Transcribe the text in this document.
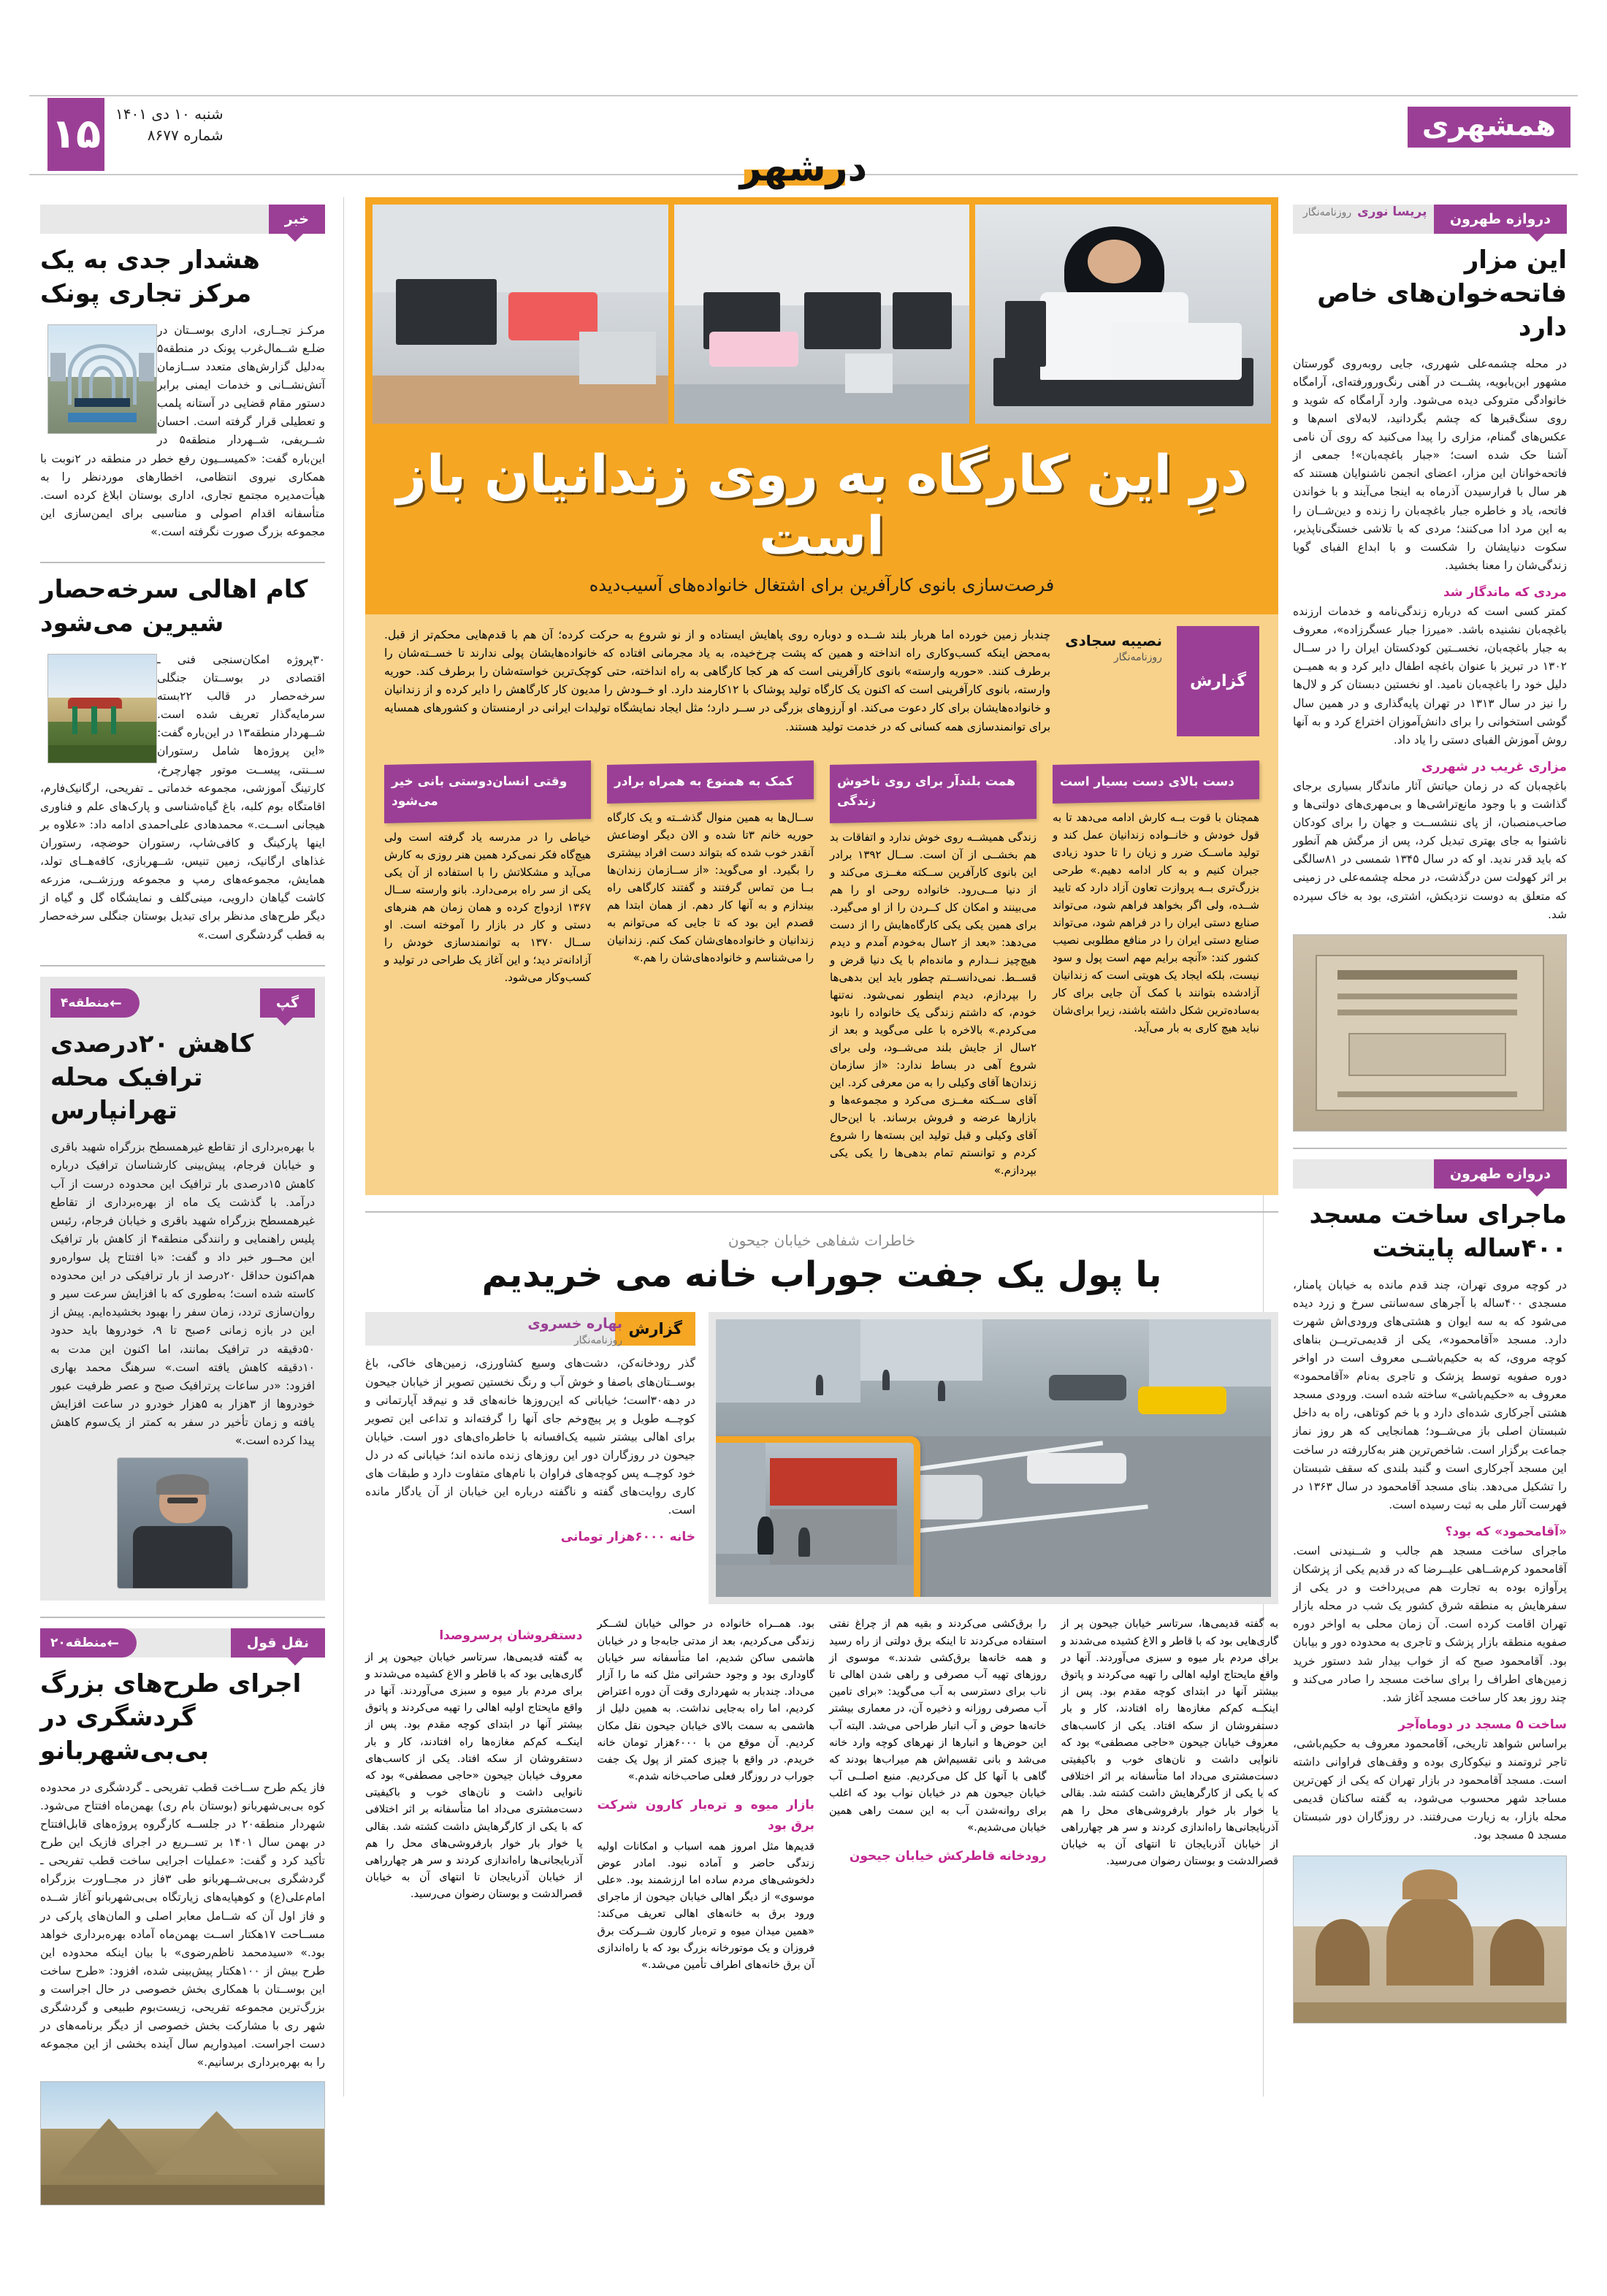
۱۵ شنبه ۱۰ دی ۱۴۰۱
شماره ۸۶۷۷
درشهر
همشهری
خبر
هشدار جدی به یک مرکز تجاری پونک

مرکـز تجــاری، اداری بوســتان در ضلـع شــمال‌غرب پونک در منطقه۵ به‌دلیل گزارش‌های متعدد ســازمان آتش‌نشــانی و خدمات ایمنی برابر دستور مقام قضایی در آستانه پلمب و تعطیلی قرار گرفته است. احسان شــریفی، شــهردار منطقه۵ در این‌باره گفت: «کمیســیون رفع خطر در منطقه در ۲نوبت با همکاری نیروی انتظامی، اخطارهای موردنظر را به هیأت‌مدیره مجتمع تجاری، اداری بوستان ابلاغ کرده است. متأسفانه اقدام اصولی و مناسبی برای ایمن‌سازی این مجموعه بزرگ صورت نگرفته است.»

کام اهالی سرخه‌حصار شیرین می‌شود

۳۰پروژه امکان‌سنجی فنی ـ اقتصادی در بوســتان جنگلی سرخه‌حصار در قالب ۲۲بسته سرمایه‌گذار تعریف شده است. شــهردار منطقه۱۳ در این‌باره گفت: «این پروژه‌ها شامل رستوران ســنتی، پیســت موتور چهارچرخ، کارتینگ آموزشی، مجموعه خدماتی ـ تفریحی، ارگانیک‌فارم، اقامتگاه بوم کلبه، باغ گیاه‌شناسی و پارک‌های علم و فناوری هیجانی اســت.» محمدهادی علی‌احمدی ادامه داد: «علاوه بر اینها پارکینگ و کافی‌شاپ، رستوران حوضچه، رستوران غذاهای ارگانیک، زمین تنیس، شــهربازی، کافه‌هــای تولد، همایش، مجموعه‌های رمپ و مجموعه ورزشــی، مزرعه کاشت گیاهان دارویی، مینی‌گلف و نمایشگاه گل و گیاه از دیگر طرح‌های مدنظر برای تبدیل بوستان جنگلی سرخه‌حصار به قطب گردشگری است.»

گپ
←
منطقه۴
کاهش ۲۰درصدی ترافیک محله تهرانپارس

با بهره‌برداری از تقاطع غیرهمسطح بزرگراه شهید باقری و خیابان فرجام، پیش‌بینی کارشناسان ترافیک درباره کاهش ۱۵درصدی بار ترافیک این محدوده درست از آب درآمد. با گذشت یک ماه از بهره‌برداری از تقاطع غیرهمسطح بزرگراه شهید باقری و خیابان فرجام، رئیس پلیس راهنمایی و رانندگی منطقه۴ از کاهش بار ترافیک این محــور خبر داد و گفت: «با افتتاح پل سواره‌رو هم‌اکنون حداقل ۲۰درصد از بار ترافیکی در این محدوده کاسته شده است؛ به‌طوری که با افزایش سرعت سیر و روان‌سازی تردد، زمان سفر را بهبود بخشیده‌ایم. پیش از این در بازه زمانی ۶صبح تا ۹، خودروها باید حدود ۵۰دقیقه در ترافیک بمانند، اما اکنون این مدت به ۱۰دقیقه کاهش یافته است.» سرهنگ محمد بهاری افزود: «در ساعات پرترافیک صبح و عصر ظرفیت عبور خودروها از ۳هزار به ۵هزار خودرو در ساعت افزایش یافته و زمان تأخیر در سفر به کمتر از یک‌سوم کاهش پیدا کرده است.»

نقل قول
←
منطقه۲۰
اجرای طرح‌های بزرگ گردشگری در بی‌بی‌شهربانو

فاز یکم طرح ســاخت قطب تفریحی ـ گردشگری در محدوده کوه بی‌بی‌شهربانو (بوستان بام ری) بهمن‌ماه افتتاح می‌شود. شهردار منطقه۲۰ در جلســه کارگروه پروژه‌های قابل‌افتتاح در بهمن سال ۱۴۰۱ بر تســریع در اجرای فازیک این طرح تأکید کرد و گفت: «عملیات اجرایی ساخت قطب تفریحی ـ گردشگری بی‌بی‌شــهربانو طی ۳فاز در مجــاورت بزرگراه امام‌علی(ع) و کوهپایه‌های زیارتگاه بی‌بی‌شهربانو آغاز شــده و فاز اول آن که شــامل معابر اصلی و المان‌های پارکی در مســاحت ۱۷هکتار اســت بهمن‌ماه آماده بهره‌برداری خواهد بود.» «سیدمحمد ناظم‌رضوی» با بیان اینکه محدوده این طرح بیش از ۱۰۰هکتار پیش‌بینی شده، افزود: «طرح ساخت این بوســتان با همکاری بخش خصوصی در حال اجراست و بزرگ‌ترین مجموعه تفریحی، زیست‌بوم طبیعی و گردشگری شهر ری با مشارکت بخش خصوصی از دیگر برنامه‌های در دست اجراست. امیدواریم سال آینده بخشی از این مجموعه را به بهره‌برداری برسانیم.»

درِ این کارگاه به روی زندانیان باز است
فرصت‌سازی بانوی کارآفرین برای اشتغال خانواده‌های آسیب‌دیده
گزارش
نصیبه سجادی
روزنامه‌نگار
چندبار زمین خورده اما هربار بلند شــده و دوباره روی پاهایش ایستاده و از نو شروع به حرکت کرده؛ آن هم با قدم‌هایی محکم‌تر از قبل. به‌محض اینکه کسب‌وکاری راه انداخته و همین که پشت چرخ‌خیده، به یاد مجرمانی افتاده که خانواده‌هایشان پولی ندارند تا خســته‌شان را برطرف کنند. «حوریه وارسته» بانوی کارآفرینی است که هر کجا کارگاهی به راه انداخته، حتی کوچک‌ترین خواسته‌شان را برطرف کند. حوریه وارسته، بانوی کارآفرینی است که اکنون یک کارگاه تولید پوشاک با ۱۲کارمند دارد. او خــودش را مدیون کار کارگاهش را دایر کرده و از زندانیان و خانواده‌هایشان برای کار دعوت می‌کند. او آرزوهای بزرگی در ســر دارد؛ مثل ایجاد نمایشگاه تولیدات ایرانی در ارمنستان و کشورهای همسایه برای توانمندسازی همه کسانی که در خدمت تولید هستند.
دست بالای دست بسیار است

همچنان با قوت بــه کارش ادامه می‌دهد تا به قول خودش و خانــواده زندانیان عمل کند و تولید ماســک ضرر و زیان را تا حدود زیادی جبران کنیم و به کار ادامه دهیم.» طرحی بزرگ‌تری بــه پروازت تعاون آزاد دارد که تایید شــده، ولی اگر بخواهد فراهم شود، می‌تواند صنایع دستی ایران را در فراهم شود، می‌تواند صنایع دستی ایران را در منافع مطلوبی نصیب کشور کند: «آنچه برایم مهم است پول و سود نیست، بلکه ایجاد یک هویتی است که زندانیان آزادشده بتوانند با کمک آن جایی برای کار به‌ساده‌ترین شکل داشته باشند، زیرا برای‌شان نباید هیچ کاری به بار می‌آید.

همت بلندآر برای روی ناخوش زندگی

زندگی همیشــه روی خوش ندارد و اتفاقات بد هم بخشــی از آن است. ســال ۱۳۹۲ برادر این بانوی کارآفرین ســکته مغــزی می‌کند و از دنیا مــی‌رود. خانواده روحی او را هم می‌بینند و امکان کل کــردن را از او می‌گیرد. برای همین یکی یکی کارگاه‌هایش را از دست می‌دهد: «بعد از ۲سال به‌خودم آمدم و دیدم هیچ‌چیز نــدارم و مانده‌ام با یک دنیا قرض و قســط. نمی‌دانســتم چطور باید این بدهی‌ها را بپردازم، دیدم اینطور نمی‌شود. نه‌تنها خودم، که داشتم زندگی یک خانواده را نابود می‌کردم.» بالاخره با علی می‌گوید و بعد از ۲سال از جایش بلند می‌شــود، ولی برای شروع آهی در بساط ندارد: «از سازمان زندان‌ها آقای وکیلی را به من معرفی کرد. این آقای ســکته مغــزی می‌کرد و مجموعه‌ها و بازارها عرضه و فروش برساند. با این‌حال آقای وکیلی و قبل تولید این بسته‌ها را شروع کردم و توانستم تمام بدهی‌ها را یکی یکی بپردازم.»

کمک به همنوع به همراه برادر

ســال‌ها به همین منوال گذشــته و یک کارگاه حوریه خانم ۳تا شده و الان دیگر اوضاعش آنقدر خوب شده که بتواند دست افراد بیشتری را بگیرد. او می‌گوید: «از ســازمان زندان‌ها بــا من تماس گرفتند و گفتند کارگاهی راه بیندازم و به آنها کار دهم. از همان ابتدا هم قصدم این بود که تا جایی که می‌توانم به زندانیان و خانواده‌های‌شان کمک کنم. زندانیان را می‌شناسم و خانواده‌های‌شان را هم.»

وقتی انسان‌دوستی بانی خیر می‌شود

خیاطی را در مدرسه یاد گرفته است ولی هیچ‌گاه فکر نمی‌کرد همین هنر روزی به کارش می‌آید و مشکلاتش را با استفاده از آن یکی یکی از سر راه برمی‌دارد. بانو وارسته ســال ۱۳۶۷ ازدواج کرده و همان زمان هم هنرهای دستی و کار در بازار را آموخته است. او ســال ۱۳۷۰ به توانمندسازی خودش را آزادانه‌تر دید؛ و این آغاز یک طراحی در تولید و کسب‌وکار می‌شود.

خاطرات شفاهی خیابان جیحون
با پول یک جفت جوراب خانه می خریدیم
گزارش
بهاره خسروی
روزنامه‌نگار

گذر رودخانه‌کن، دشت‌های وسیع کشاورزی، زمین‌های خاکی، باغ بوســتان‌های باصفا و خوش آب و رنگ نخستین تصویر از خیابان جیحون در دهه۳۰است؛ خیابانی که این‌روزها خانه‌های قد و نیم‌قد آپارتمانی و کوچــه طویل و پر پیچ‌وخم جای آنها را گرفته‌اند و تداعی این تصویر برای اهالی بیشتر شبیه یک‌افسانه با خاطره‌ای‌های‌ دور است. خیابان جیحون در روزگاران دور این روزهای زنده مانده‌ اند؛ خیابانی که در دل خود کوچــه پس کوچه‌های فراوان با نام‌های متفاوت دارد و طبقات‌ های کاری روایت‌های گفته و ناگفته درباره این خیابان از آن یادگار مانده است.

خانه ۶۰۰۰هزار تومانی

به گفته قدیمی‌ها، سرتاسر خیابان جیحون پر از گاری‌هایی بود که با قاطر و الاغ کشیده می‌شدند و برای مردم بار میوه و سبزی می‌آوردند. آنها در واقع مایحتاج اولیه اهالی را تهیه می‌کردند و پاتوق بیشتر آنها در ابتدای کوچه مقدم بود. پس از اینکــه کم‌کم مغازه‌ها راه افتادند، کار و بار دستفروشان از سکه افتاد. یکی از کاسب‌های معروف خیابان جیحون «حاجی مصطفی» بود که نانوایی داشت و نان‌های خوب و باکیفیتی دست‌مشتری می‌داد اما متأسفانه بر اثر اختلافی که با یکی از کارگرهایش داشت کشته شد. بقالی یا خوار بار خوار بارفروشی‌های محل را هم آذربایجانی‌ها راه‌اندازی کردند و سر هر چهارراهی از خیابان آذربایجان تا انتهای آن به خیابان قصرالدشت و بوستان رضوان می‌رسید.

را برق‌کشی می‌کردند و بقیه هم از چراغ نفتی استفاده می‌کردند تا اینکه برق دولتی از راه رسید و همه خانه‌ها برق‌کشی شدند.» موسوی از روزهای تهیه آب مصرفی و راهی شدن اهالی تا ناب برای دسترسی به آب می‌گوید: «برای تامین آب مصرفی روزانه و ذخیره آن، در معماری بیشتر خانه‌ها حوض و آب انبار طراحی می‌شد. البته آب این حوض‌ها و انبارها از نهرهای کوچه وارد خانه می‌شد و بانی تقسیم‌اش هم میراب‌ها بودند که گاهی با آنها کل کل می‌کردیم. منبع اصلــی آب خیابان جیحون هم در خیابان نواب بود که اغلب برای روانه‌شدن آب به این سمت راهی همین خیابان می‌شدیم.»

رودخانه قاطرکش خیابان جیحون

بود. همــراه خانواده در حوالی خیابان لشــکر زندگی می‌کردیم، بعد از مدتی جابه‌جا و در خیابان هاشمی ساکن شدیم، اما متأسفانه سر خیابان گاوداری بود و وجود حشراتی مثل کنه ما را آزار می‌داد. چندبار به شهرداری وقت آن دوره اعتراض کردیم، اما راه به‌جایی نداشت. به همین دلیل از هاشمی به سمت بالای خیابان جیحون نقل مکان کردیم. آن موقع من با ۶۰۰۰هزار تومان خانه خریدم. در واقع با چیزی کمتر از پول یک جفت جوراب در روزگار فعلی صاحب‌خانه شدم.»

بازار میوه و تره‌بار کارون شرکت برق بود

قدیم‌ها مثل امروز همه اسباب و امکانات اولیه زندگی حاضر و آماده نبود. امادر عوض دلخوشی‌های مردم ساده اما ارزشمند بود. «علی موسوی» از دیگر اهالی خیابان جیحون از ماجرای ورود برق به خانه‌های اهالی تعریف می‌کند: «همین میدان میوه و تره‌بار کارون شــرکت برق فروزان و یک موتورخانه بزرگ بود که با راه‌اندازی آن برق خانه‌های اطراف تأمین می‌شد.»

دستفروشان پرسروصدا

به گفته قدیمی‌ها، سرتاسر خیابان جیحون پر از گاری‌هایی بود که با قاطر و الاغ کشیده می‌شدند و برای مردم بار میوه و سبزی می‌آوردند. آنها در واقع مایحتاج اولیه اهالی را تهیه می‌کردند و پاتوق بیشتر آنها در ابتدای کوچه مقدم بود. پس از اینکــه کم‌کم مغازه‌ها راه افتادند، کار و بار دستفروشان از سکه افتاد. یکی از کاسب‌های معروف خیابان جیحون «حاجی مصطفی» بود که نانوایی داشت و نان‌های خوب و باکیفیتی دست‌مشتری می‌داد اما متأسفانه بر اثر اختلافی که با یکی از کارگرهایش داشت کشته شد. بقالی یا خوار بار خوار بارفروشی‌های محل را هم آذربایجانی‌ها راه‌اندازی کردند و سر هر چهارراهی از خیابان آذربایجان تا انتهای آن به خیابان قصرالدشت و بوستان رضوان می‌رسید.

دروازه طهرون
پریسا نوری
روزنامه‌نگار
این مزار فاتحه‌خوان‌های خاص دارد

در محله چشمه‌علی شهرری، جایی روبه‌روی گورستان مشهور ابن‌بابویه، پشــت در آهنی رنگ‌ورورفته‌ای، آرامگاه خانواد‌گی متروکی دیده می‌شود. وارد آرامگاه که شوید و روی سنگ‌قبرها که چشم بگردانید، لابه‌لای اسم‌ها و عکس‌های گمنام، مزاری را پیدا می‌کنید که روی آن نامی آشنا حک شده است؛ «جبار باغچه‌بان»! جمعی از فاتحه‌خوانان این مزار، اعضای انجمن ناشنوایان هستند که هر سال با فرارسیدن آذرماه به اینجا می‌آیند و با خواندن فاتحه، یاد و خاطره جبار باغچه‌بان را زنده و دین‌شــان را به این مرد ادا می‌کنند؛ مردی که با تلاشی خستگی‌ناپذیر، سکوت دنیایشان را شکست و با ابداع الفبای گویا زندگی‌شان را معنا بخشید.

مردی که ماندگار شد

کمتر کسی است که درباره زندگی‌نامه و خدمات ارزنده باغچه‌بان نشنیده باشد. «میرزا جبار عسگرزاده»، معروف به جبار باغچه‌بان، نخســتین کودکستان ایران را در ســال ۱۳۰۲ در تبریز با عنوان باغچه اطفال دایر کرد و به همیــن دلیل خود را باغچه‌بان نامید. او نخستین دبستان کر و لال‌ها را نیز در سال ۱۳۱۳ در تهران پایه‌گذاری و در همین سال گوشی استخوانی را برای دانش‌آموزان اختراع کرد و به آنها روش آموزش الفبای دستی را یاد داد.

مزاری غریب در شهرری

باغچه‌بان که در زمان حیاتش آثار ماندگار بسیاری برجای گذاشت و با وجود مانع‌تراشی‌ها و بی‌مهری‌های دولتی‌ها و صاحب‌منصبان، از پای ننشســت و جهان را برای کودکان ناشنوا به جای بهتری تبدیل کرد، پس از مرگش هم آنطور که باید قدر ندید. او که در سال ۱۳۴۵ شمسی در ۸۱سالگی بر اثر کهولت سن درگذشت، در محله چشمه‌علی در زمینی که متعلق به دوست نزدیکش، اشتری، بود به خاک سپرده شد.

دروازه طهرون
ماجرای ساخت مسجد ۴۰۰ساله پایتخت

در کوچه مروی تهران، چند قدم مانده به خیابان پامنار، مسجدی ۴۰۰ساله با آجرهای سه‌سانتی سرخ و زرد دیده می‌شود که به سه ایوان و هشتی‌های ورودی‌اش شهرت دارد. مسجد «آقامحمود»، یکی از قدیمی‌تریــن بناهای کوچه مروی، که به حکیم‌باشــی معروف است در اواخر دوره صفویه توسط پزشک و تاجری به‌نام «آقامحمود» معروف به «حکیم‌باشی» ساخته شده است. ورودی مسجد هشتی آجرکاری شده‌ای دارد و با خم کوتاهی، راه به داخل شبستان اصلی باز می‌شــود؛ همانجایی که هر روز نماز جماعت برگزار است. شاخص‌ترین هنر به‌کاررفته در ساخت این مسجد آجرکاری است و گنبد بلندی که سقف شبستان را تشکیل می‌دهد. بنای مسجد آقامحمود در سال ۱۳۶۳ در فهرست آثار ملی به ثبت رسیده است.

«آقامحمود» که بود؟

ماجرای ساخت مسجد هم جالب و شــنیدنی است. آقامحمود کرم‌شــاهی علیــرضا که در قدیم یکی از پزشکان پرآوازه بوده به تجارت هم می‌پرداخت و در یکی از سفرهایش به منطقه شرق کشور یک شب در محله بازار تهران اقامت کرده است. آن زمان محلی به اواخر دوره صفویه منطقه بازار پزشک و تاجری به محدوده دور و بیابان بود. آقامحمود صبح که از خواب بیدار شد دستور خرید زمین‌های اطراف را برای ساخت مسجد را صادر می‌کند و چند روز بعد کار ساخت مسجد آغاز شد.

ساخت ۵ مسجد در دوماه‌آجر

براساس شواهد تاریخی، آقامحمود معروف به حکیم‌باشی، تاجر ثروتمند و نیکوکاری بوده و وقف‌های فراوانی داشته است. مسجد آقامحمود در بازار تهران که یکی از کهن‌ترین مساجد شهر محسوب می‌شود، به گفته ساکنان قدیمی محله بازار، به زیارت می‌رفتند. در روزگاران دور شبستان مسجد ۵ مسجد بود.
